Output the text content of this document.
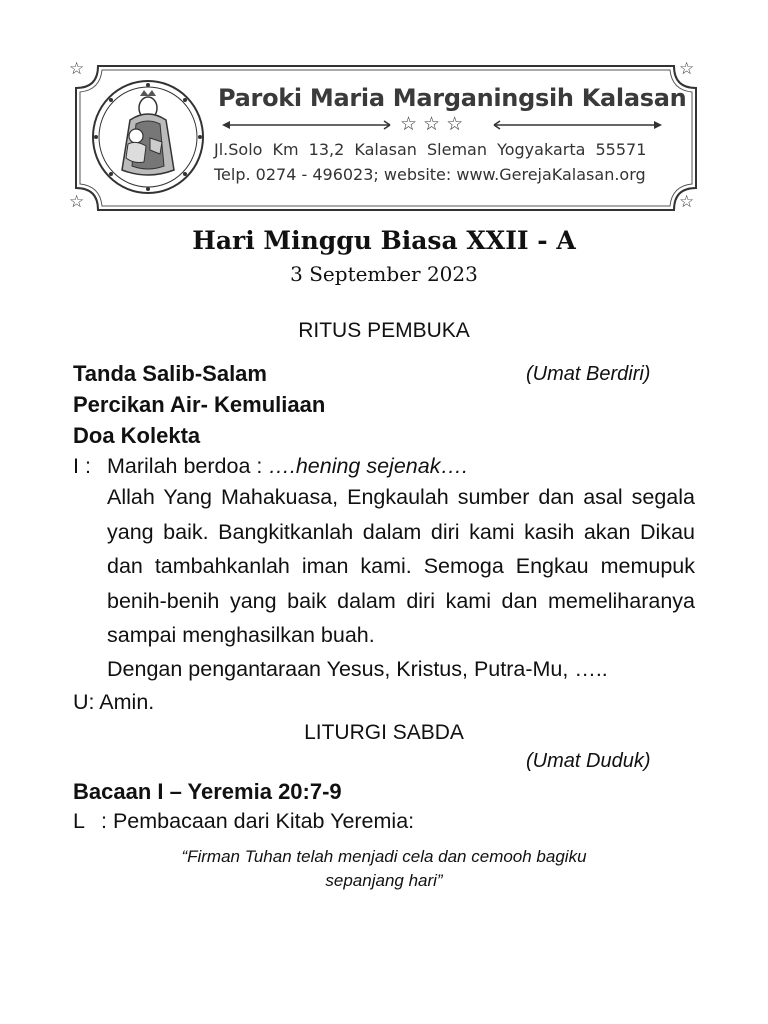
☆	☆
☆	☆
Paroki Maria Marganingsih Kalasan
☆☆☆
Jl.Solo Km 13,2 Kalasan Sleman Yogyakarta 55571
Telp. 0274 - 496023; website: www.GerejaKalasan.org
Hari Minggu Biasa XXII - A
3 September 2023
RITUS PEMBUKA
Tanda Salib-Salam	(Umat Berdiri)
Percikan Air- Kemuliaan
Doa Kolekta
I : Marilah berdoa : ….hening sejenak….
Allah Yang Mahakuasa, Engkaulah sumber dan asal segala yang baik. Bangkitkanlah dalam diri kami kasih akan Dikau dan tambahkanlah iman kami. Semoga Engkau memupuk benih-benih yang baik dalam diri kami dan memeliharanya sampai menghasilkan buah.
Dengan pengantaraan Yesus, Kristus, Putra-Mu, …..
U: Amin.
LITURGI SABDA
(Umat Duduk)
Bacaan I – Yeremia 20:7-9
L : Pembacaan dari Kitab Yeremia:
“Firman Tuhan telah menjadi cela dan cemooh bagiku
sepanjang hari”
